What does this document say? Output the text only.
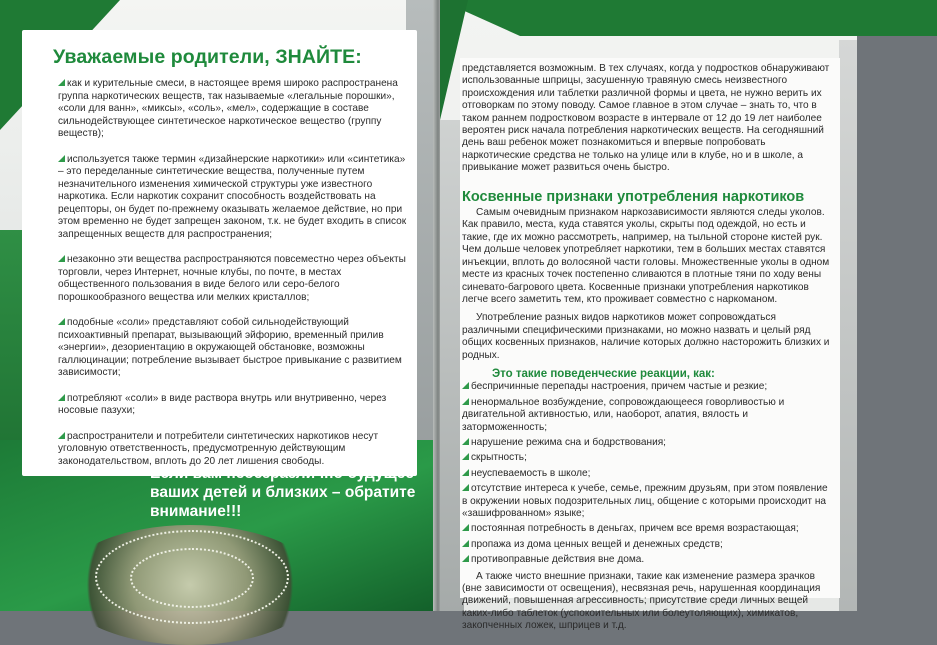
Уважаемые родители, ЗНАЙТЕ:

как и курительные смеси, в настоящее время широко распространена группа наркотических веществ, так называемые «легальные порошки», «соли для ванн», «миксы», «соль», «мел», содержащие в составе сильнодействующее синтетическое наркотическое вещество (группу веществ);

используется также термин «дизайнерские наркотики» или «синтетика» – это переделанные синтетические вещества, полученные путем незначительного изменения химической структуры уже известного наркотика. Если наркотик сохранит способность воздействовать на рецепторы, он будет по-прежнему оказывать желаемое действие, но при этом временно не будет запрещен законом, т.к. не будет входить в список запрещенных веществ для распространения;

незаконно эти вещества распространяются повсеместно через объекты торговли, через Интернет, ночные клубы, по почте, в местах общественного пользования в виде белого или серо-белого порошкообразного вещества или мелких кристаллов;

подобные «соли» представляют собой сильнодействующий психоактивный препарат, вызывающий эйфорию, временный прилив «энергии», дезориентацию в окружающей обстановке, возможны галлюцинации; потребление вызывает быстрое привыкание с развитием зависимости;

потребляют «соли» в виде раствора внутрь или внутривенно, через носовые пазухи;

распространители и потребители синтетических наркотиков несут уголовную ответственность, предусмотренную действующим законодательством, вплоть до 20 лет лишения свободы.

Если вам небезразлично будущее ваших детей и близких – обратите внимание!!!

представляется возможным. В тех случаях, когда у подростков обнаруживают использованные шприцы, засушенную травяную смесь неизвестного происхождения или таблетки различной формы и цвета, не нужно верить их отговоркам по этому поводу. Самое главное в этом случае – знать то, что в таком раннем подростковом возрасте в интервале от 12 до 19 лет наиболее вероятен риск начала потребления наркотических веществ. На сегодняшний день ваш ребенок может познакомиться и впервые попробовать наркотические средства не только на улице или в клубе, но и в школе, а привыкание может развиться очень быстро.

Косвенные признаки употребления наркотиков

Самым очевидным признаком наркозависимости являются следы уколов. Как правило, места, куда ставятся уколы, скрыты под одеждой, но есть и такие, где их можно рассмотреть, например, на тыльной стороне кистей рук.

Чем дольше человек употребляет наркотики, тем в больших местах ставятся инъекции, вплоть до волосяной части головы. Множественные уколы в одном месте из красных точек постепенно сливаются в плотные тяни по ходу вены синевато-багрового цвета. Косвенные признаки употребления наркотиков легче всего заметить тем, кто проживает совместно с наркоманом.

Употребление разных видов наркотиков может сопровождаться различными специфическими признаками, но можно назвать и целый ряд общих косвенных признаков, наличие которых должно насторожить близких и родных.

Это такие поведенческие реакции, как:
беспричинные перепады настроения, причем частые и резкие;
ненормальное возбуждение, сопровождающееся говорливостью и двигательной активностью, или, наоборот, апатия, вялость и заторможенность;
нарушение режима сна и бодрствования;
скрытность;
неуспеваемость в школе;
отсутствие интереса к учебе, семье, прежним друзьям, при этом появление в окружении новых подозрительных лиц, общение с которыми происходит на «зашифрованном» языке;
постоянная потребность в деньгах, причем все время возрастающая;
пропажа из дома ценных вещей и денежных средств;
противоправные действия вне дома.

А также чисто внешние признаки, такие как изменение размера зрачков (вне зависимости от освещения), несвязная речь, нарушенная координация движений, повышенная агрессивность; присутствие среди личных вещей каких-либо таблеток (успокоительных или болеутоляющих), химикатов, закопченных ложек, шприцев и т.д.
